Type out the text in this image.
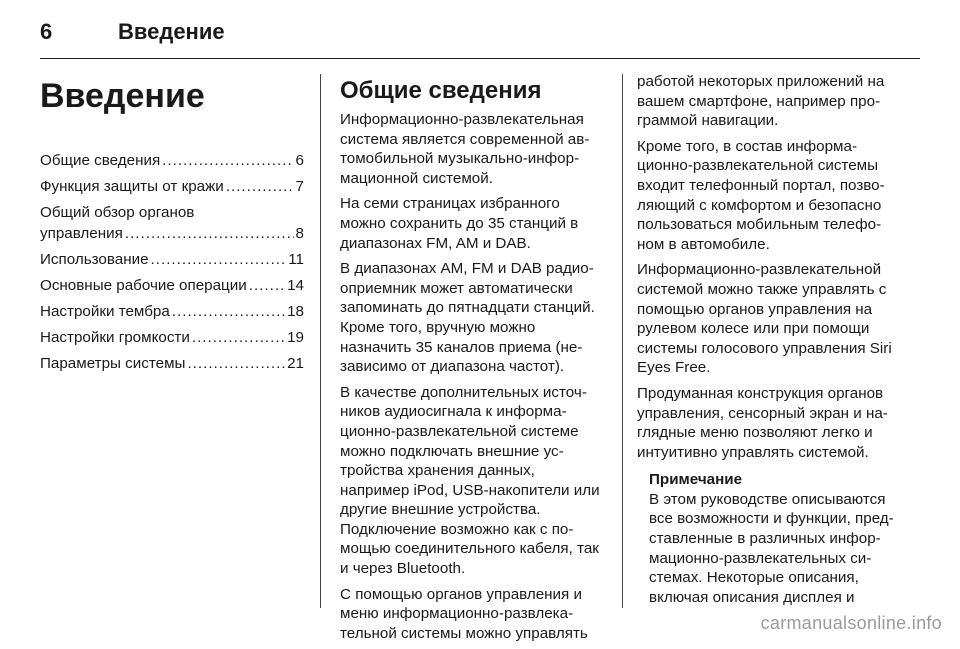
6	Введение
Введение
Общие сведения .....	6
Функция защиты от кражи .....	7
Общий обзор органов
управления .....	8
Использование .....	11
Основные рабочие операции .....	14
Настройки тембра .....	18
Настройки громкости .....	19
Параметры системы .....	21
Общие сведения

Информационно-развлекательная система является современной автомобильной музыкально-информационной системой.

На семи страницах избранного можно сохранить до 35 станций в диапазонах FM, AM и DAB.

В диапазонах AM, FM и DAB радиооприемник может автоматически запоминать до пятнадцати станций. Кроме того, вручную можно назначить 35 каналов приема (независимо от диапазона частот).

В качестве дополнительных источников аудиосигнала к информационно-развлекательной системе можно подключать внешние устройства хранения данных, например iPod, USB-накопители или другие внешние устройства. Подключение возможно как с помощью соединительного кабеля, так и через Bluetooth.

С помощью органов управления и меню информационно-развлекательной системы можно управлять

работой некоторых приложений на вашем смартфоне, например программой навигации.

Кроме того, в состав информационно-развлекательной системы входит телефонный портал, позволяющий с комфортом и безопасно пользоваться мобильным телефоном в автомобиле.

Информационно-развлекательной системой можно также управлять с помощью органов управления на рулевом колесе или при помощи системы голосового управления Siri Eyes Free.

Продуманная конструкция органов управления, сенсорный экран и наглядные меню позволяют легко и интуитивно управлять системой.

Примечание

В этом руководстве описываются все возможности и функции, представленные в различных информационно-развлекательных системах. Некоторые описания, включая описания дисплея и

carmanualsonline.info
